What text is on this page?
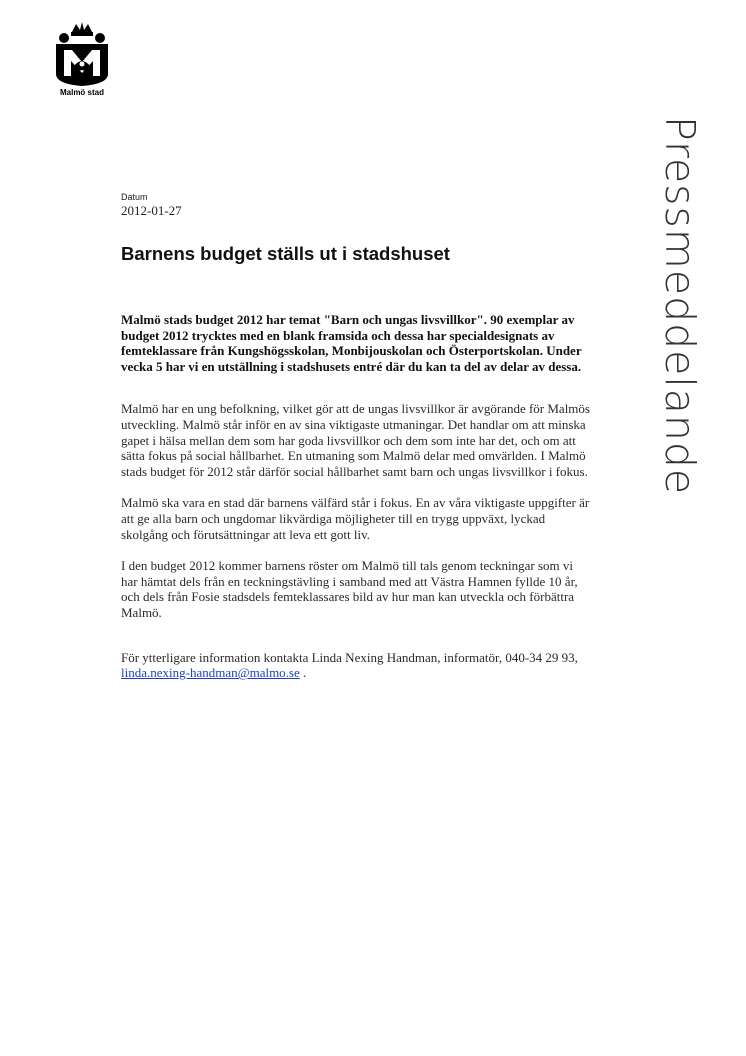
Malmö stad
Pressmeddelande
Datum
2012-01-27
Barnens budget ställs ut i stadshuset

Malmö stads budget 2012 har temat "Barn och ungas livsvillkor". 90 exemplar av budget 2012 trycktes med en blank framsida och dessa har specialdesignats av femteklassare från Kungshögsskolan, Monbijouskolan och Österportskolan. Under vecka 5 har vi en utställning i stadshusets entré där du kan ta del av delar av dessa.

Malmö har en ung befolkning, vilket gör att de ungas livsvillkor är avgörande för Malmös utveckling. Malmö står inför en av sina viktigaste utmaningar. Det handlar om att minska gapet i hälsa mellan dem som har goda livsvillkor och dem som inte har det, och om att sätta fokus på social hållbarhet. En utmaning som Malmö delar med omvärlden. I Malmö stads budget för 2012 står därför social hållbarhet samt barn och ungas livsvillkor i fokus.

Malmö ska vara en stad där barnens välfärd står i fokus. En av våra viktigaste uppgifter är att ge alla barn och ungdomar likvärdiga möjligheter till en trygg uppväxt, lyckad skolgång och förutsättningar att leva ett gott liv.

I den budget 2012 kommer barnens röster om Malmö till tals genom teckningar som vi har hämtat dels från en teckningstävling i samband med att Västra Hamnen fyllde 10 år, och dels från Fosie stadsdels femteklassares bild av hur man kan utveckla och förbättra Malmö.

För ytterligare information kontakta Linda Nexing Handman, informatör, 040-34 29 93, linda.nexing-handman@malmo.se .
